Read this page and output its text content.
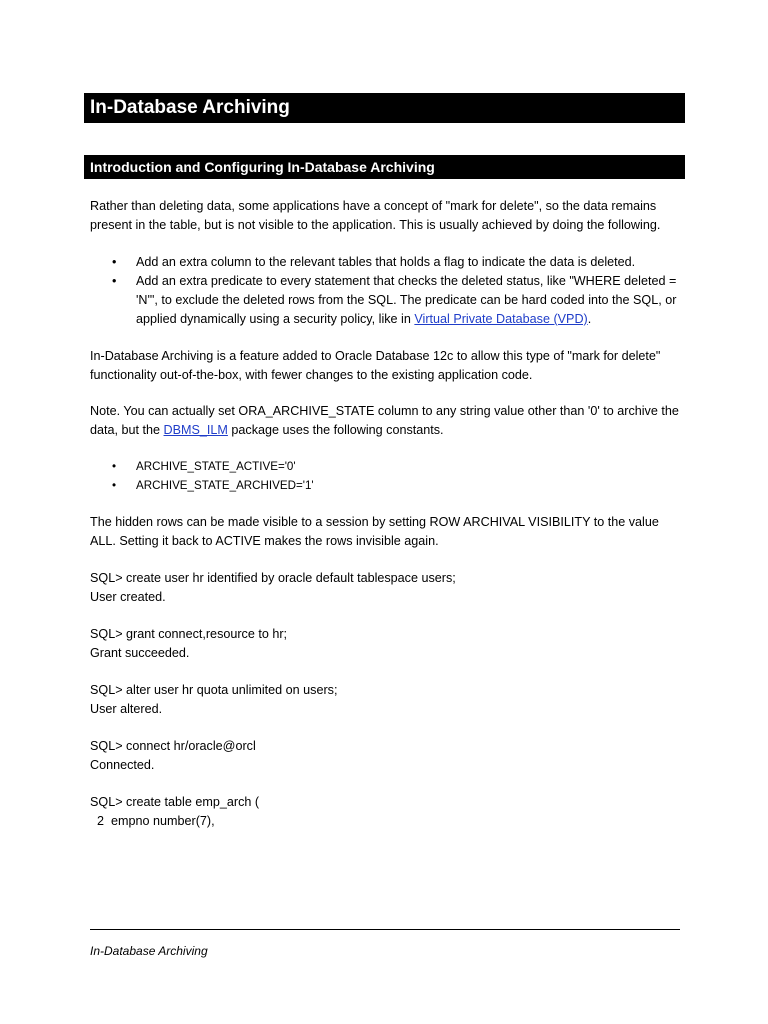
In-Database Archiving
Introduction and Configuring In-Database Archiving

Rather than deleting data, some applications have a concept of "mark for delete", so the data remains present in the table, but is not visible to the application. This is usually achieved by doing the following.

• Add an extra column to the relevant tables that holds a flag to indicate the data is deleted.
• Add an extra predicate to every statement that checks the deleted status, like "WHERE deleted = 'N'", to exclude the deleted rows from the SQL. The predicate can be hard coded into the SQL, or applied dynamically using a security policy, like in Virtual Private Database (VPD).

In-Database Archiving is a feature added to Oracle Database 12c to allow this type of "mark for delete" functionality out-of-the-box, with fewer changes to the existing application code.

Note. You can actually set ORA_ARCHIVE_STATE column to any string value other than '0' to archive the data, but the DBMS_ILM package uses the following constants.

• ARCHIVE_STATE_ACTIVE='0'
• ARCHIVE_STATE_ARCHIVED='1'

The hidden rows can be made visible to a session by setting ROW ARCHIVAL VISIBILITY to the value ALL. Setting it back to ACTIVE makes the rows invisible again.

SQL> create user hr identified by oracle default tablespace users;

User created.

SQL> grant connect,resource to hr;

Grant succeeded.

SQL> alter user hr quota unlimited on users;

User altered.

SQL> connect hr/oracle@orcl

Connected.

SQL> create table emp_arch (

2  empno number(7),

In-Database Archiving
